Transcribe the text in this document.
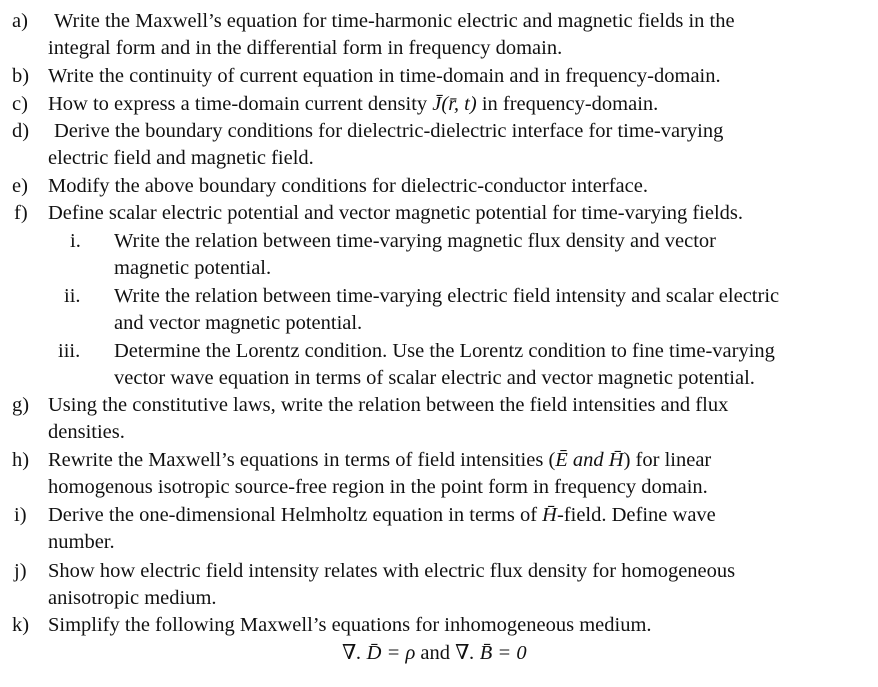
a) Write the Maxwell’s equation for time-harmonic electric and magnetic fields in the
integral form and in the differential form in frequency domain.
b) Write the continuity of current equation in time-domain and in frequency-domain.
c) How to express a time-domain current density J̄(r̄, t) in frequency-domain.
d) Derive the boundary conditions for dielectric-dielectric interface for time-varying
electric field and magnetic field.
e) Modify the above boundary conditions for dielectric-conductor interface.
f) Define scalar electric potential and vector magnetic potential for time-varying fields.
i. Write the relation between time-varying magnetic flux density and vector
magnetic potential.
ii. Write the relation between time-varying electric field intensity and scalar electric
and vector magnetic potential.
iii. Determine the Lorentz condition. Use the Lorentz condition to fine time-varying
vector wave equation in terms of scalar electric and vector magnetic potential.
g) Using the constitutive laws, write the relation between the field intensities and flux
densities.
h) Rewrite the Maxwell’s equations in terms of field intensities (Ē and H̄) for linear
homogenous isotropic source-free region in the point form in frequency domain.
i) Derive the one-dimensional Helmholtz equation in terms of H̄-field. Define wave
number.
j) Show how electric field intensity relates with electric flux density for homogeneous
anisotropic medium.
k) Simplify the following Maxwell’s equations for inhomogeneous medium.
∇. D̄ = ρ and ∇. B̄ = 0
